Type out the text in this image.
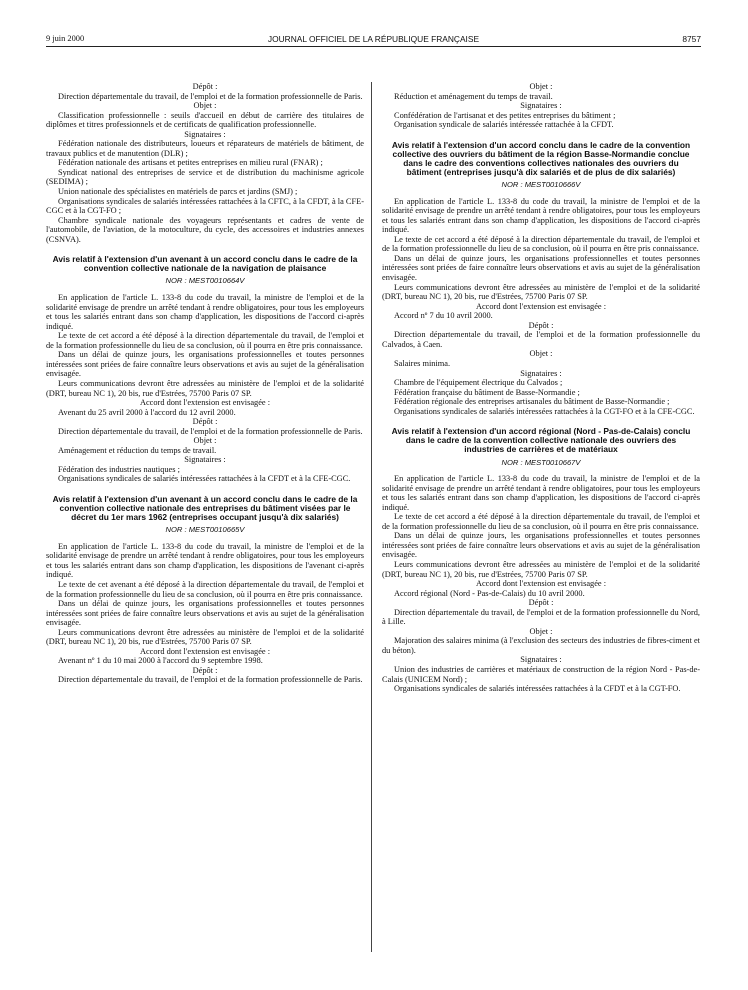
9 juin 2000	JOURNAL OFFICIEL DE LA RÉPUBLIQUE FRANÇAISE	8757

Dépôt :

Direction départementale du travail, de l'emploi et de la formation professionnelle de Paris.

Objet :

Classification professionnelle : seuils d'accueil en début de carrière des titulaires de diplômes et titres professionnels et de certificats de qualification professionnelle.

Signataires :

Fédération nationale des distributeurs, loueurs et réparateurs de matériels de bâtiment, de travaux publics et de manutention (DLR) ;

Fédération nationale des artisans et petites entreprises en milieu rural (FNAR) ;

Syndicat national des entreprises de service et de distribution du machinisme agricole (SEDIMA) ;

Union nationale des spécialistes en matériels de parcs et jardins (SMJ) ;

Organisations syndicales de salariés intéressées rattachées à la CFTC, à la CFDT, à la CFE-CGC et à la CGT-FO ;

Chambre syndicale nationale des voyageurs représentants et cadres de vente de l'automobile, de l'aviation, de la motoculture, du cycle, des accessoires et industries annexes (CSNVA).

Avis relatif à l'extension d'un avenant à un accord conclu dans le cadre de la convention collective nationale de la navigation de plaisance

NOR : MEST0010664V

En application de l'article L. 133-8 du code du travail, la ministre de l'emploi et de la solidarité envisage de prendre un arrêté tendant à rendre obligatoires, pour tous les employeurs et tous les salariés entrant dans son champ d'application, les dispositions de l'accord ci-après indiqué.

Le texte de cet accord a été déposé à la direction départementale du travail, de l'emploi et de la formation professionnelle du lieu de sa conclusion, où il pourra en être pris connaissance.

Dans un délai de quinze jours, les organisations professionnelles et toutes personnes intéressées sont priées de faire connaître leurs observations et avis au sujet de la généralisation envisagée.

Leurs communications devront être adressées au ministère de l'emploi et de la solidarité (DRT, bureau NC 1), 20 bis, rue d'Estrées, 75700 Paris 07 SP.

Accord dont l'extension est envisagée :

Avenant du 25 avril 2000 à l'accord du 12 avril 2000.

Dépôt :

Direction départementale du travail, de l'emploi et de la formation professionnelle de Paris.

Objet :

Aménagement et réduction du temps de travail.

Signataires :

Fédération des industries nautiques ;

Organisations syndicales de salariés intéressées rattachées à la CFDT et à la CFE-CGC.

Avis relatif à l'extension d'un avenant à un accord conclu dans le cadre de la convention collective nationale des entreprises du bâtiment visées par le décret du 1er mars 1962 (entreprises occupant jusqu'à dix salariés)

NOR : MEST0010665V

En application de l'article L. 133-8 du code du travail, la ministre de l'emploi et de la solidarité envisage de prendre un arrêté tendant à rendre obligatoires, pour tous les employeurs et tous les salariés entrant dans son champ d'application, les dispositions de l'avenant ci-après indiqué.

Le texte de cet avenant a été déposé à la direction départementale du travail, de l'emploi et de la formation professionnelle du lieu de sa conclusion, où il pourra en être pris connaissance.

Dans un délai de quinze jours, les organisations professionnelles et toutes personnes intéressées sont priées de faire connaître leurs observations et avis au sujet de la généralisation envisagée.

Leurs communications devront être adressées au ministère de l'emploi et de la solidarité (DRT, bureau NC 1), 20 bis, rue d'Estrées, 75700 Paris 07 SP.

Accord dont l'extension est envisagée :

Avenant nº 1 du 10 mai 2000 à l'accord du 9 septembre 1998.

Dépôt :

Direction départementale du travail, de l'emploi et de la formation professionnelle de Paris.

Objet :

Réduction et aménagement du temps de travail.

Signataires :

Confédération de l'artisanat et des petites entreprises du bâtiment ;

Organisation syndicale de salariés intéressée rattachée à la CFDT.

Avis relatif à l'extension d'un accord conclu dans le cadre de la convention collective des ouvriers du bâtiment de la région Basse-Normandie conclue dans le cadre des conventions collectives nationales des ouvriers du bâtiment (entreprises jusqu'à dix salariés et de plus de dix salariés)

NOR : MEST0010666V

En application de l'article L. 133-8 du code du travail, la ministre de l'emploi et de la solidarité envisage de prendre un arrêté tendant à rendre obligatoires, pour tous les employeurs et tous les salariés entrant dans son champ d'application, les dispositions de l'accord ci-après indiqué.

Le texte de cet accord a été déposé à la direction départementale du travail, de l'emploi et de la formation professionnelle du lieu de sa conclusion, où il pourra en être pris connaissance.

Dans un délai de quinze jours, les organisations professionnelles et toutes personnes intéressées sont priées de faire connaître leurs observations et avis au sujet de la généralisation envisagée.

Leurs communications devront être adressées au ministère de l'emploi et de la solidarité (DRT, bureau NC 1), 20 bis, rue d'Estrées, 75700 Paris 07 SP.

Accord dont l'extension est envisagée :

Accord nº 7 du 10 avril 2000.

Dépôt :

Direction départementale du travail, de l'emploi et de la formation professionnelle du Calvados, à Caen.

Objet :

Salaires minima.

Signataires :

Chambre de l'équipement électrique du Calvados ;

Fédération française du bâtiment de Basse-Normandie ;

Fédération régionale des entreprises artisanales du bâtiment de Basse-Normandie ;

Organisations syndicales de salariés intéressées rattachées à la CGT-FO et à la CFE-CGC.

Avis relatif à l'extension d'un accord régional (Nord - Pas-de-Calais) conclu dans le cadre de la convention collective nationale des ouvriers des industries de carrières et de matériaux

NOR : MEST0010667V

En application de l'article L. 133-8 du code du travail, la ministre de l'emploi et de la solidarité envisage de prendre un arrêté tendant à rendre obligatoires, pour tous les employeurs et tous les salariés entrant dans son champ d'application, les dispositions de l'accord ci-après indiqué.

Le texte de cet accord a été déposé à la direction départementale du travail, de l'emploi et de la formation professionnelle du lieu de sa conclusion, où il pourra en être pris connaissance.

Dans un délai de quinze jours, les organisations professionnelles et toutes personnes intéressées sont priées de faire connaître leurs observations et avis au sujet de la généralisation envisagée.

Leurs communications devront être adressées au ministère de l'emploi et de la solidarité (DRT, bureau NC 1), 20 bis, rue d'Estrées, 75700 Paris 07 SP.

Accord dont l'extension est envisagée :

Accord régional (Nord - Pas-de-Calais) du 10 avril 2000.

Dépôt :

Direction départementale du travail, de l'emploi et de la formation professionnelle du Nord, à Lille.

Objet :

Majoration des salaires minima (à l'exclusion des secteurs des industries de fibres-ciment et du béton).

Signataires :

Union des industries de carrières et matériaux de construction de la région Nord - Pas-de-Calais (UNICEM Nord) ;

Organisations syndicales de salariés intéressées rattachées à la CFDT et à la CGT-FO.
